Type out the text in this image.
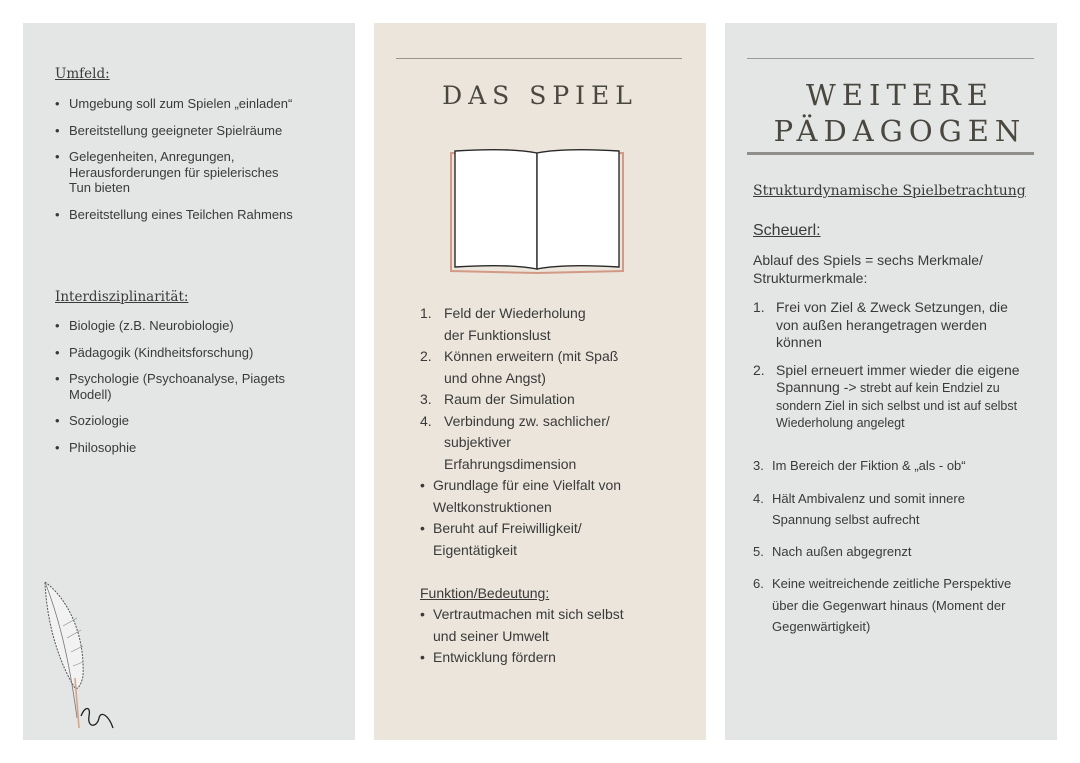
Umfeld:
• Umgebung soll zum Spielen „einladen“
• Bereitstellung geeigneter Spielräume
• Gelegenheiten, Anregungen, Herausforderungen für spielerisches Tun bieten
• Bereitstellung eines Teilchen Rahmens
Interdisziplinarität:
• Biologie (z.B. Neurobiologie)
• Pädagogik (Kindheitsforschung)
• Psychologie (Psychoanalyse, Piagets Modell)
• Soziologie
• Philosophie
DAS SPIEL
1. Feld der Wiederholung
der Funktionslust
2. Können erweitern (mit Spaß
und ohne Angst)
3. Raum der Simulation
4. Verbindung zw. sachlicher/
subjektiver
Erfahrungsdimension
• Grundlage für eine Vielfalt von
Weltkonstruktionen
• Beruht auf Freiwilligkeit/
Eigentätigkeit
Funktion/Bedeutung:
• Vertrautmachen mit sich selbst
und seiner Umwelt
• Entwicklung fördern
WEITERE
PÄDAGOGEN
Strukturdynamische Spielbetrachtung
Scheuerl:
Ablauf des Spiels = sechs Merkmale/ Strukturmerkmale:
1. Frei von Ziel & Zweck Setzungen, die von außen herangetragen werden können
2. Spiel erneuert immer wieder die eigene Spannung -> strebt auf kein Endziel zu sondern Ziel in sich selbst und ist auf selbst Wiederholung angelegt
3. Im Bereich der Fiktion & „als - ob“
4. Hält Ambivalenz und somit innere Spannung selbst aufrecht
5. Nach außen abgegrenzt
6. Keine weitreichende zeitliche Perspektive über die Gegenwart hinaus (Moment der Gegenwärtigkeit)
